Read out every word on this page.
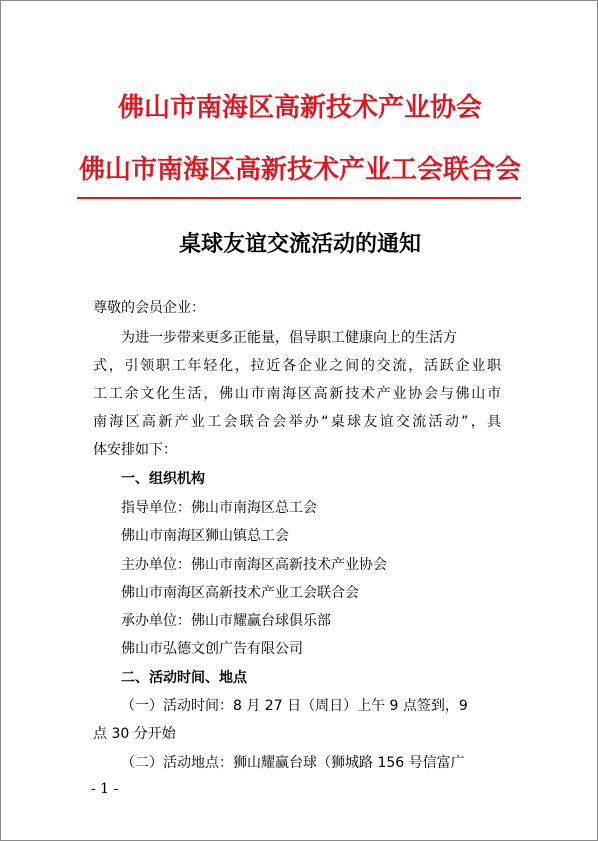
佛山市南海区高新技术产业协会
佛山市南海区高新技术产业工会联合会
桌球友谊交流活动的通知
尊敬的会员企业：
为进一步带来更多正能量，倡导职工健康向上的生活方
式，引领职工年轻化，拉近各企业之间的交流，活跃企业职
工工余文化生活，佛山市南海区高新技术产业协会与佛山市
南海区高新产业工会联合会举办“桌球友谊交流活动”，具
体安排如下：
一、组织机构
指导单位：佛山市南海区总工会
佛山市南海区狮山镇总工会
主办单位：佛山市南海区高新技术产业协会
佛山市南海区高新技术产业工会联合会
承办单位：佛山市耀赢台球俱乐部
佛山市弘德文创广告有限公司
二、活动时间、地点
（一）活动时间：8 月 27 日（周日）上午 9 点签到，9
点 30 分开始
（二）活动地点：狮山耀赢台球（狮城路 156 号信富广
- 1 -
